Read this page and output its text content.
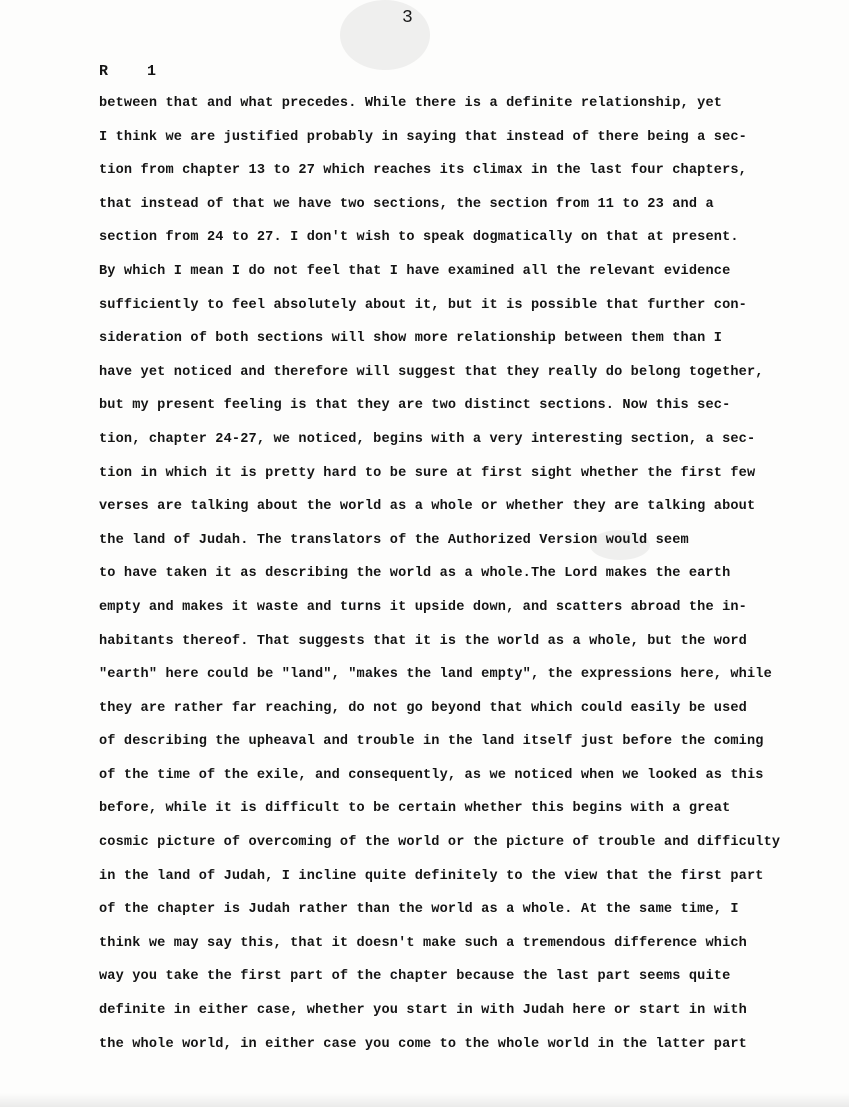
3
R	1
between that and what precedes. While there is a definite relationship, yet
I think we are justified probably in saying that instead of there being a sec-
tion from chapter 13 to 27 which reaches its climax in the last four chapters,
that instead of that we have two sections, the section from 11 to 23 and a
section from 24 to 27. I don't wish to speak dogmatically on that at present.
By which I mean I do not feel that I have examined all the relevant evidence
sufficiently to feel absolutely about it, but it is possible that further con-
sideration of both sections will show more relationship between them than I
have yet noticed and therefore will suggest that they really do belong together,
but my present feeling is that they are two distinct sections. Now this sec-
tion, chapter 24-27, we noticed, begins with a very interesting section, a sec-
tion in which it is pretty hard to be sure at first sight whether the first few
verses are talking about the world as a whole or whether they are talking about
the land of Judah. The translators of the Authorized Version would seem
to have taken it as describing the world as a whole.The Lord makes the earth
empty and makes it waste and turns it upside down, and scatters abroad the in-
habitants thereof. That suggests that it is the world as a whole, but the word
"earth" here could be "land", "makes the land empty", the expressions here, while
they are rather far reaching, do not go beyond that which could easily be used
of describing the upheaval and trouble in the land itself just before the coming
of the time of the exile, and consequently, as we noticed when we looked as this
before, while it is difficult to be certain whether this begins with a great
cosmic picture of overcoming of the world or the picture of trouble and difficulty
in the land of Judah, I incline quite definitely to the view that the first part
of the chapter is Judah rather than the world as a whole. At the same time, I
think we may say this, that it doesn't make such a tremendous difference which
way you take the first part of the chapter because the last part seems quite
definite in either case, whether you start in with Judah here or start in with
the whole world, in either case you come to the whole world in the latter part
